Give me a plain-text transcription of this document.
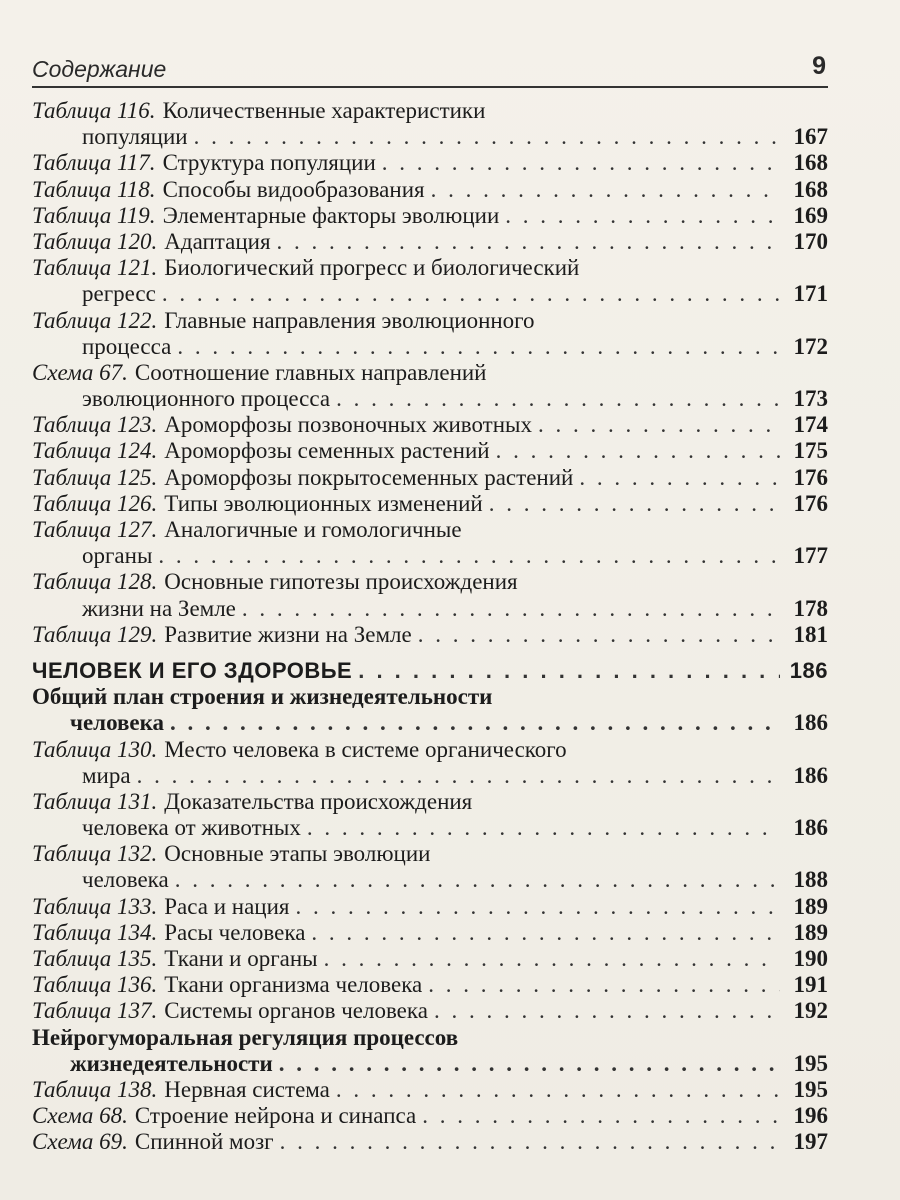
Содержание	9
Таблица 116. Количественные характеристики
популяции . . .	167
Таблица 117. Структура популяции . . .	168
Таблица 118. Способы видообразования . . .	168
Таблица 119. Элементарные факторы эволюции . . .	169
Таблица 120. Адаптация . . .	170
Таблица 121. Биологический прогресс и биологический
регресс . . .	171
Таблица 122. Главные направления эволюционного
процесса . . .	172
Схема 67. Соотношение главных направлений
эволюционного процесса . . .	173
Таблица 123. Ароморфозы позвоночных животных . . .	174
Таблица 124. Ароморфозы семенных растений . . .	175
Таблица 125. Ароморфозы покрытосеменных растений . . .	176
Таблица 126. Типы эволюционных изменений . . .	176
Таблица 127. Аналогичные и гомологичные
органы . . .	177
Таблица 128. Основные гипотезы происхождения
жизни на Земле . . .	178
Таблица 129. Развитие жизни на Земле . . .	181
ЧЕЛОВЕК И ЕГО ЗДОРОВЬЕ . . .	186
Общий план строения и жизнедеятельности
человека . . .	186
Таблица 130. Место человека в системе органического
мира . . .	186
Таблица 131. Доказательства происхождения
человека от животных . . .	186
Таблица 132. Основные этапы эволюции
человека . . .	188
Таблица 133. Раса и нация . . .	189
Таблица 134. Расы человека . . .	189
Таблица 135. Ткани и органы . . .	190
Таблица 136. Ткани организма человека . . .	191
Таблица 137. Системы органов человека . . .	192
Нейрогуморальная регуляция процессов
жизнедеятельности . . .	195
Таблица 138. Нервная система . . .	195
Схема 68. Строение нейрона и синапса . . .	196
Схема 69. Спинной мозг . . .	197
